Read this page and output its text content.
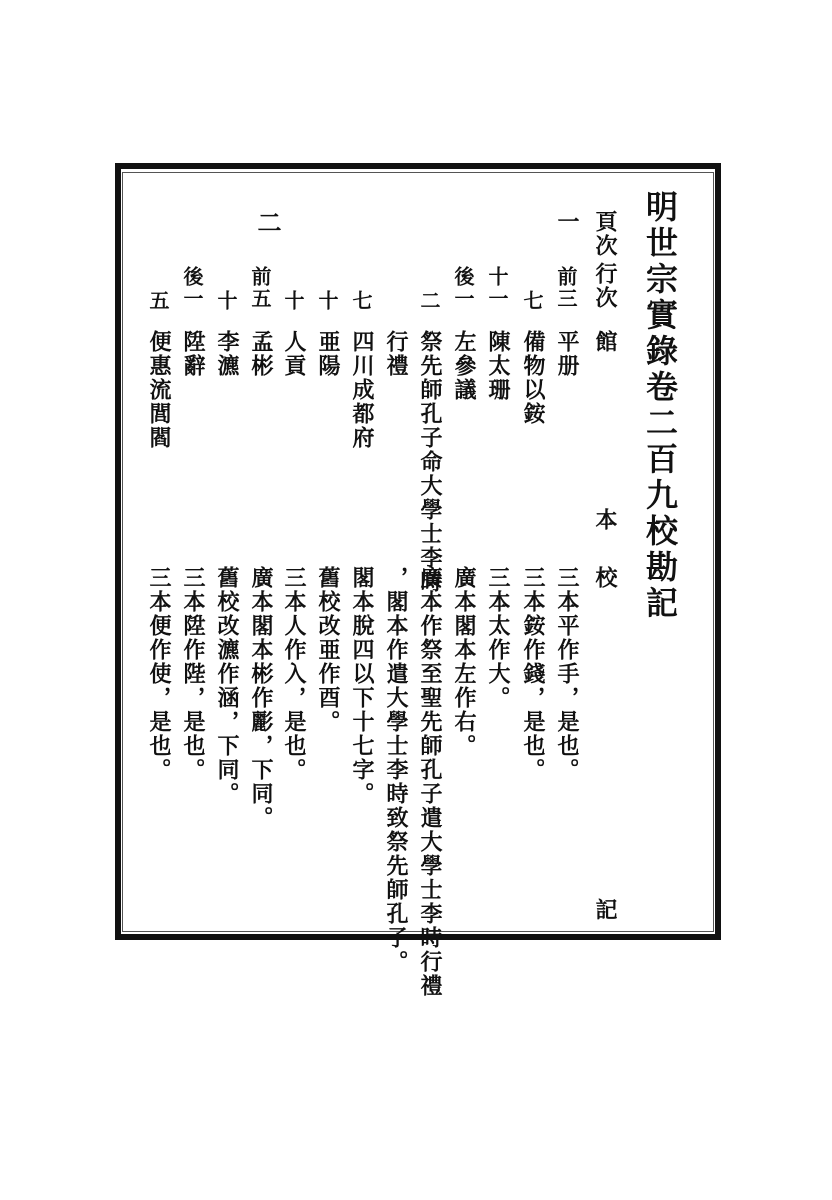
明世宗實錄卷二百九校勘記
頁次
行次
館
本
校
記
二	一
前三
平册
三本平作手，是也。
七
備物以銨
三本銨作錢，是也。
十一
陳太珊
三本太作大。
後一
左參議
廣本閣本左作右。
二
祭先師孔子命大學士李時
廣本作祭至聖先師孔子遣大學士李時行禮
行禮
，閣本作遣大學士李時致祭先師孔子。
七
四川成都府
閣本脫四以下十七字。
十
亜陽
舊校改亜作酉。
十
人貢
三本人作入，是也。
前五
孟彬
廣本閣本彬作彲，下同。
十
李瀌
舊校改瀌作涵，下同。
後一
陞辭
三本陞作陛，是也。
五
便惠流閭閻
三本便作使，是也。
